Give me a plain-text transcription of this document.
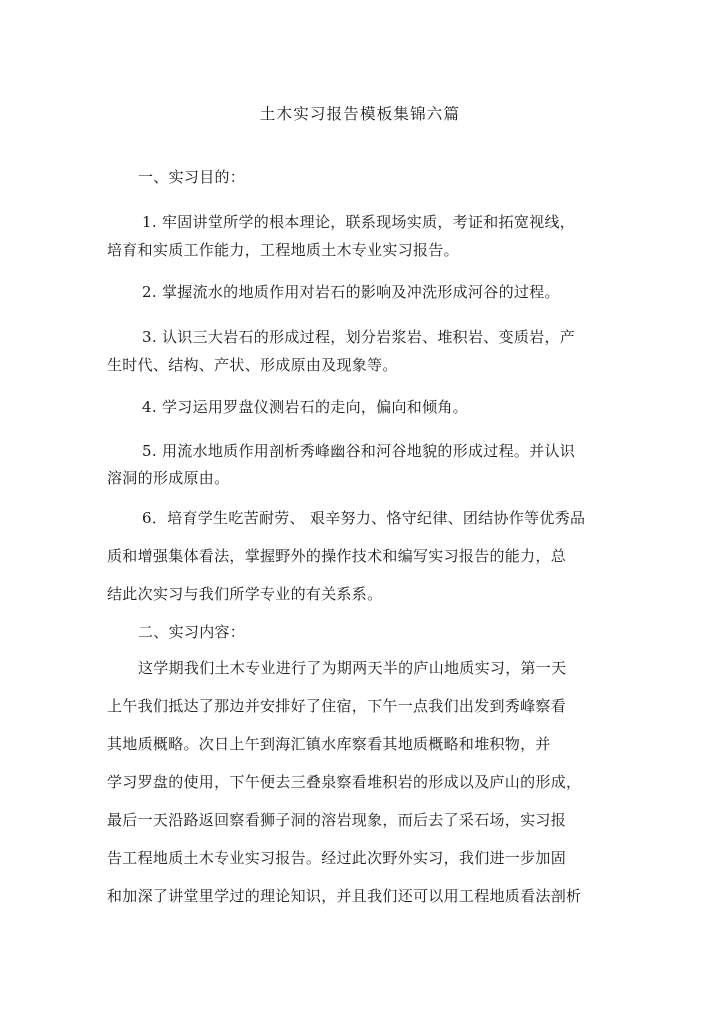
土木实习报告模板集锦六篇
一、实习目的：
1. 牢固讲堂所学的根本理论，联系现场实质，考证和拓宽视线，
培育和实质工作能力，工程地质土木专业实习报告。
2. 掌握流水的地质作用对岩石的影响及冲洗形成河谷的过程。
3. 认识三大岩石的形成过程，划分岩浆岩、堆积岩、变质岩，产
生时代、结构、产状、形成原由及现象等。
4. 学习运用罗盘仪测岩石的走向，偏向和倾角。
5. 用流水地质作用剖析秀峰幽谷和河谷地貌的形成过程。并认识
溶洞的形成原由。
6．培育学生吃苦耐劳、 艰辛努力、恪守纪律、团结协作等优秀品
质和增强集体看法，掌握野外的操作技术和编写实习报告的能力，总
结此次实习与我们所学专业的有关系系。
二、实习内容：
这学期我们土木专业进行了为期两天半的庐山地质实习，第一天
上午我们抵达了那边并安排好了住宿，下午一点我们出发到秀峰察看
其地质概略。次日上午到海汇镇水库察看其地质概略和堆积物，并
学习罗盘的使用，下午便去三叠泉察看堆积岩的形成以及庐山的形成，
最后一天沿路返回察看狮子洞的溶岩现象，而后去了采石场，实习报
告工程地质土木专业实习报告。经过此次野外实习，我们进一步加固
和加深了讲堂里学过的理论知识，并且我们还可以用工程地质看法剖析
